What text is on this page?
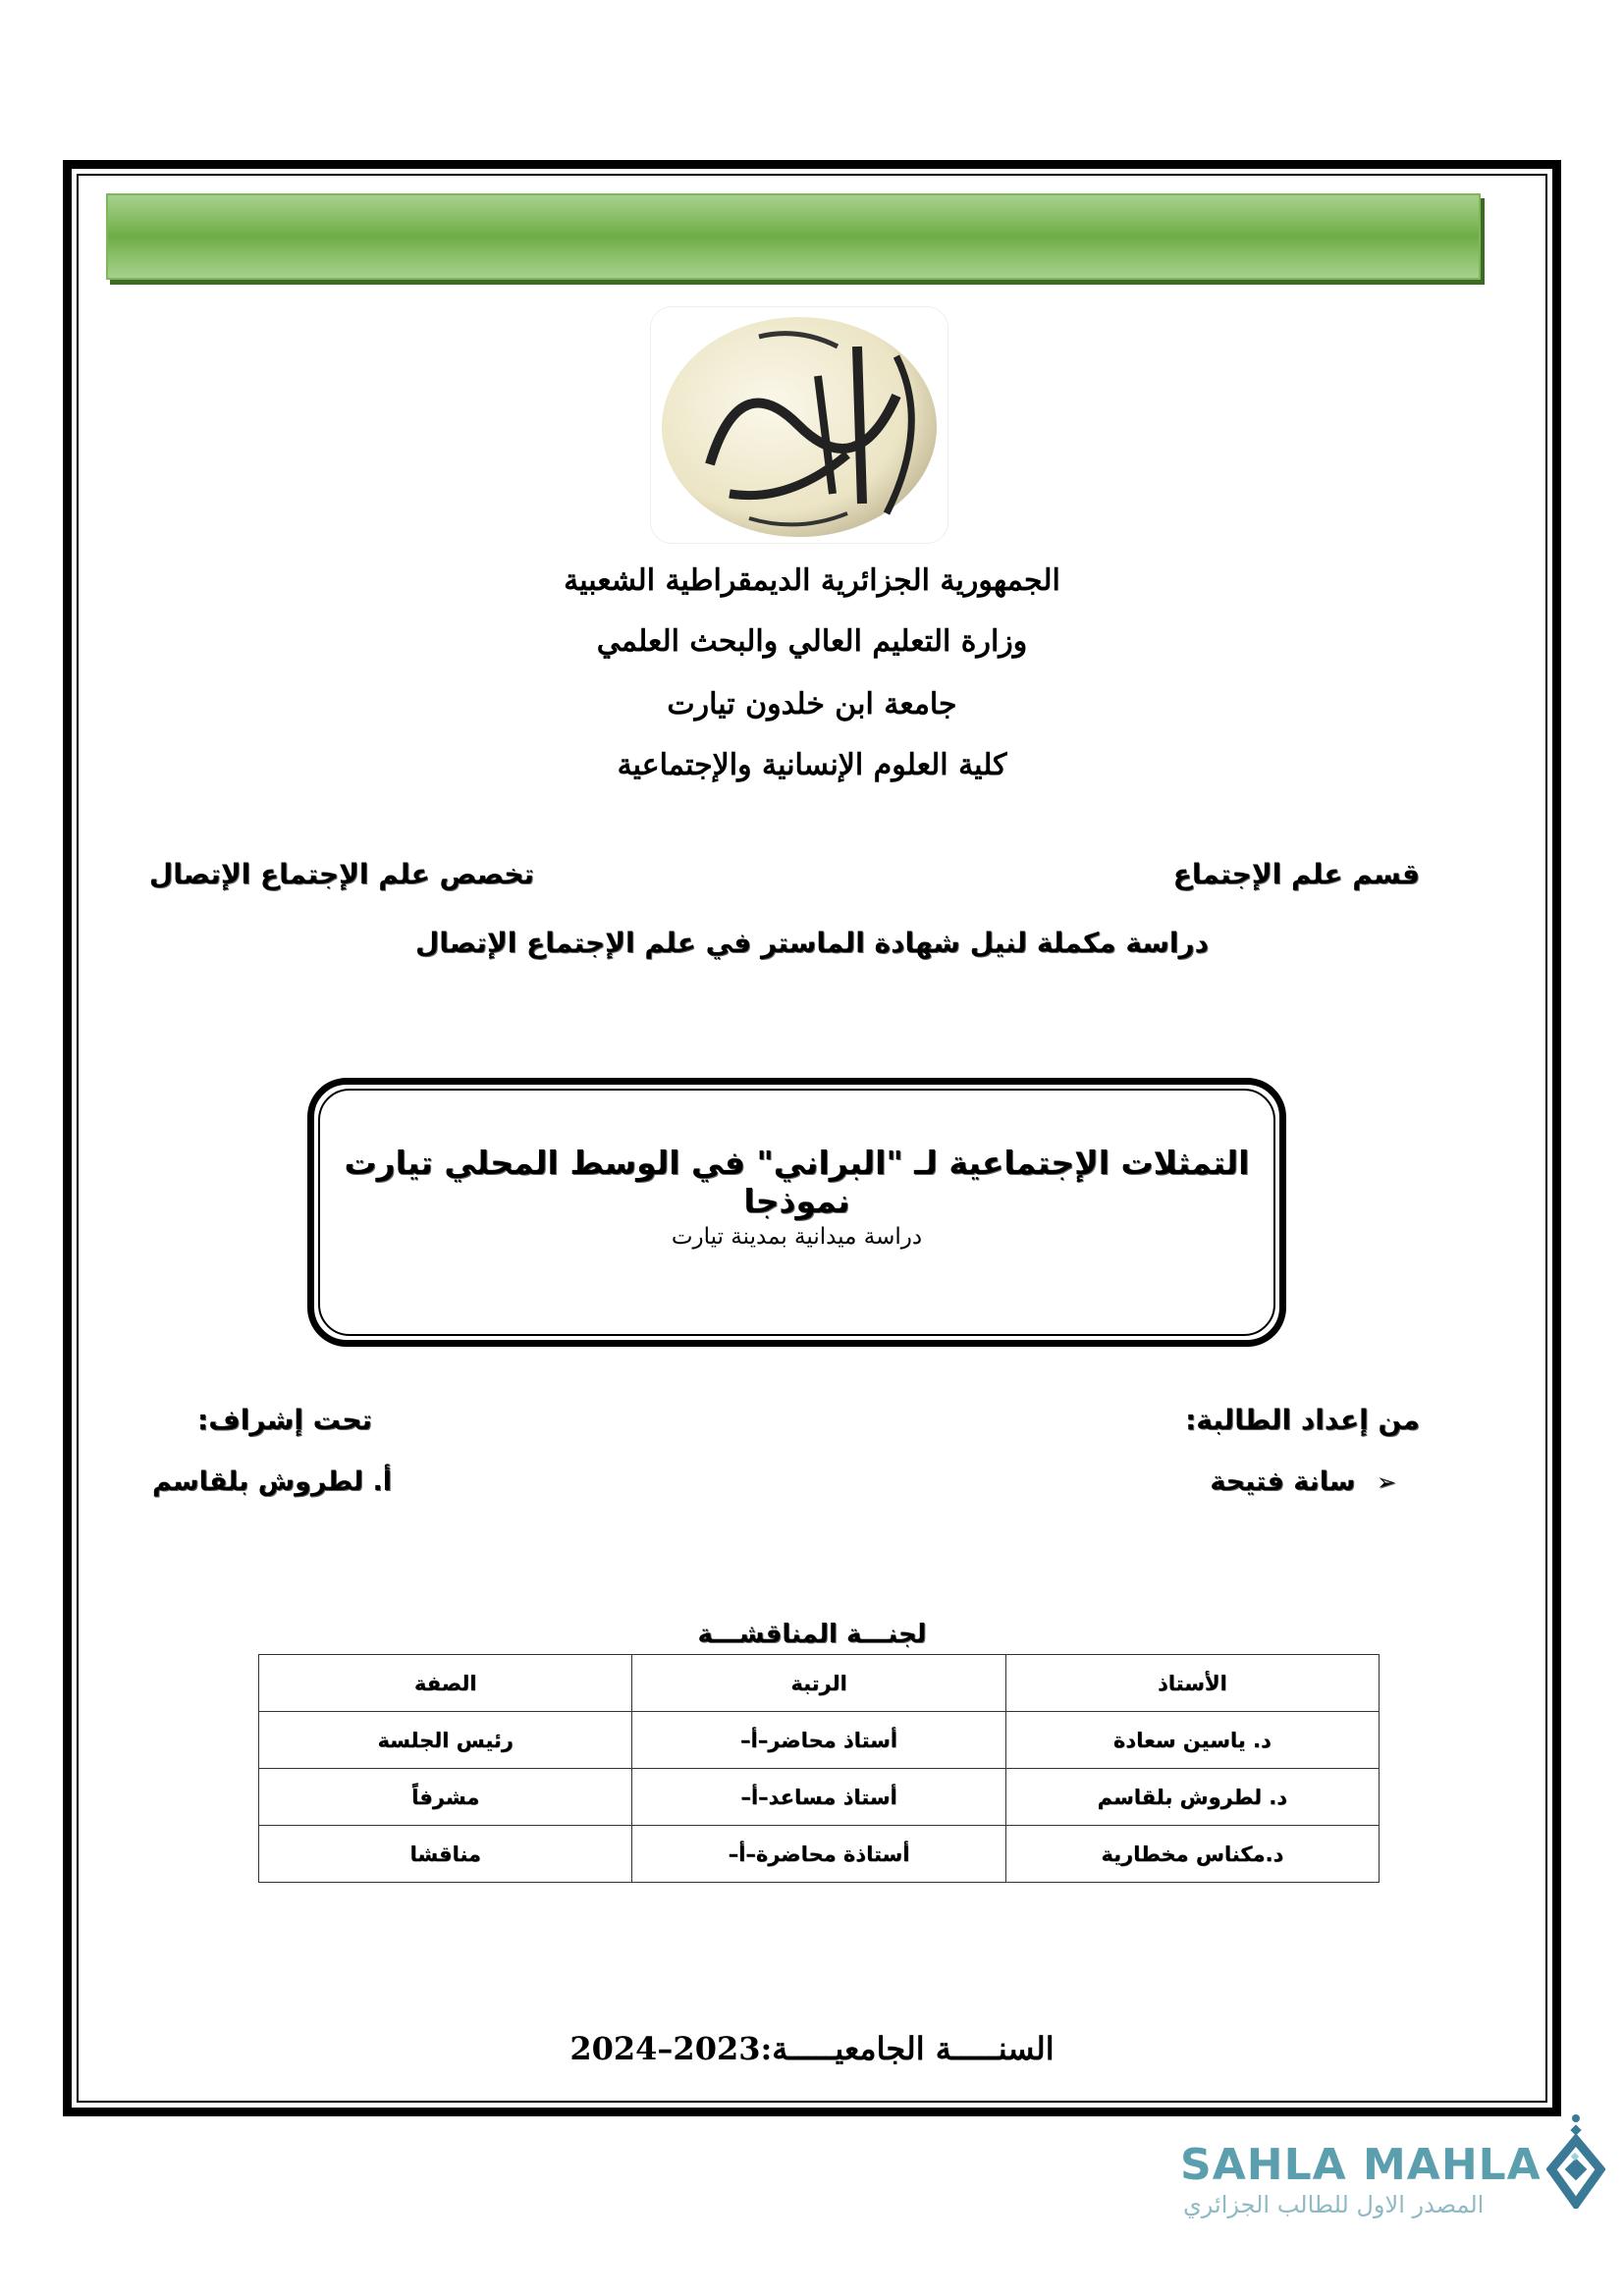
الجمهورية الجزائرية الديمقراطية الشعبية
وزارة التعليم العالي والبحث العلمي
جامعة ابن خلدون تيارت
كلية العلوم الإنسانية والإجتماعية
قسم علم الإجتماع
تخصص علم الإجتماع الإتصال
دراسة مكملة لنيل شهادة الماستر في علم الإجتماع الإتصال
التمثلات الإجتماعية لـ "البراني" في الوسط المحلي تيارت نموذجا
دراسة ميدانية بمدينة تيارت
من إعداد الطالبة:
تحت إشراف:
➢ سانة فتيحة
أ. لطروش بلقاسم
لجنـــة المناقشـــة
الأستاذ	الرتبة	الصفة
د. ياسين سعادة	أستاذ محاضر–أ–	رئيس الجلسة
د. لطروش بلقاسم	أستاذ مساعد–أ–	مشرفاً
د.مكناس مخطارية	أستاذة محاضرة–أ–	مناقشا
السنـــــة الجامعيـــــة:2023–2024
SAHLA MAHLA
المصدر الاول للطالب الجزائري
